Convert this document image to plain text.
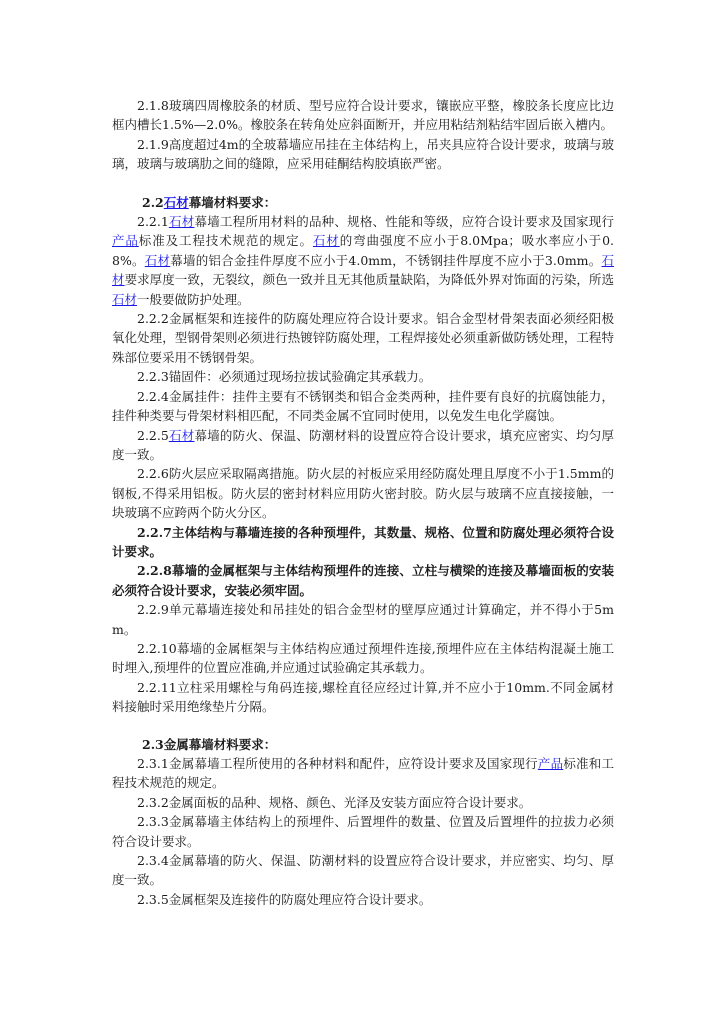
2.1.8玻璃四周橡胶条的材质、型号应符合设计要求，镶嵌应平整，橡胶条长度应比边框内槽长1.5%—2.0%。橡胶条在转角处应斜面断开，并应用粘结剂粘结牢固后嵌入槽内。

2.1.9高度超过4m的全玻幕墙应吊挂在主体结构上，吊夹具应符合设计要求，玻璃与玻璃，玻璃与玻璃肋之间的缝隙，应采用硅酮结构胶填嵌严密。

2.2石材幕墙材料要求：

2.2.1石材幕墙工程所用材料的品种、规格、性能和等级，应符合设计要求及国家现行产品标准及工程技术规范的规定。石材的弯曲强度不应小于8.0Mpa；吸水率应小于0.8%。石材幕墙的铝合金挂件厚度不应小于4.0mm，不锈钢挂件厚度不应小于3.0mm。石材要求厚度一致，无裂纹，颜色一致并且无其他质量缺陷，为降低外界对饰面的污染，所选石材一般要做防护处理。

2.2.2金属框架和连接件的防腐处理应符合设计要求。铝合金型材骨架表面必须经阳极氧化处理，型钢骨架则必须进行热镀锌防腐处理，工程焊接处必须重新做防锈处理，工程特殊部位要采用不锈钢骨架。

2.2.3锚固件：必须通过现场拉拔试验确定其承载力。

2.2.4金属挂件：挂件主要有不锈钢类和铝合金类两种，挂件要有良好的抗腐蚀能力，挂件种类要与骨架材料相匹配，不同类金属不宜同时使用，以免发生电化学腐蚀。

2.2.5石材幕墙的防火、保温、防潮材料的设置应符合设计要求，填充应密实、均匀厚度一致。

2.2.6防火层应采取隔离措施。防火层的衬板应采用经防腐处理且厚度不小于1.5mm的钢板,不得采用铝板。防火层的密封材料应用防火密封胶。防火层与玻璃不应直接接触，一块玻璃不应跨两个防火分区。

2.2.7主体结构与幕墙连接的各种预埋件，其数量、规格、位置和防腐处理必须符合设计要求。

2.2.8幕墙的金属框架与主体结构预埋件的连接、立柱与横梁的连接及幕墙面板的安装必须符合设计要求，安装必须牢固。

2.2.9单元幕墙连接处和吊挂处的铝合金型材的壁厚应通过计算确定，并不得小于5mm。

2.2.10幕墙的金属框架与主体结构应通过预埋件连接,预埋件应在主体结构混凝土施工时埋入,预埋件的位置应准确,并应通过试验确定其承载力。

2.2.11立柱采用螺栓与角码连接,螺栓直径应经过计算,并不应小于10mm.不同金属材料接触时采用绝缘垫片分隔。

2.3金属幕墙材料要求：

2.3.1金属幕墙工程所使用的各种材料和配件，应符设计要求及国家现行产品标准和工程技术规范的规定。

2.3.2金属面板的品种、规格、颜色、光泽及安装方面应符合设计要求。

2.3.3金属幕墙主体结构上的预埋件、后置埋件的数量、位置及后置埋件的拉拔力必须符合设计要求。

2.3.4金属幕墙的防火、保温、防潮材料的设置应符合设计要求，并应密实、均匀、厚度一致。

2.3.5金属框架及连接件的防腐处理应符合设计要求。
